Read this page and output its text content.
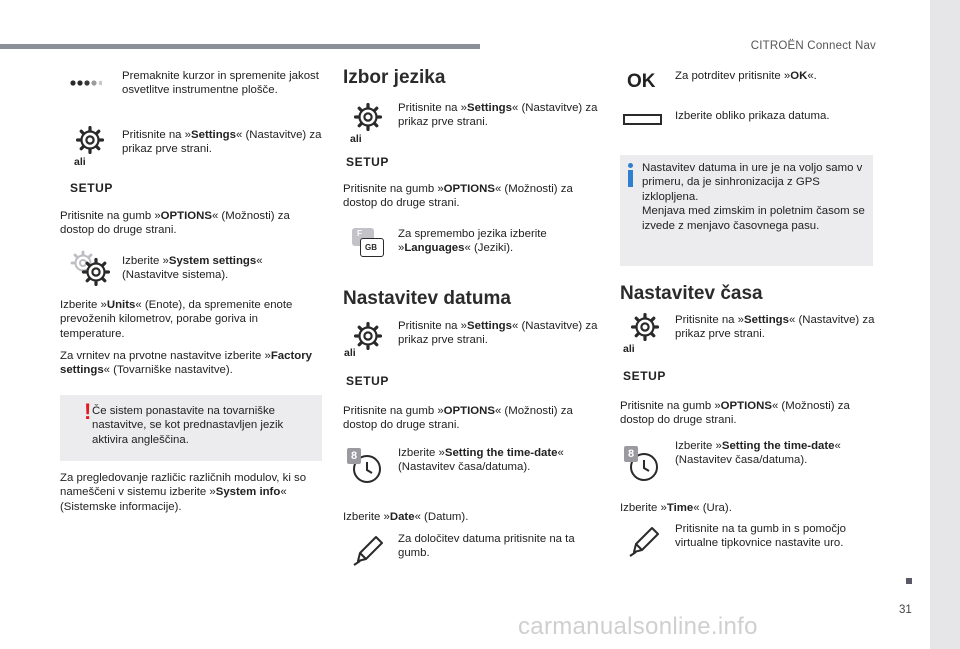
CITROËN Connect Nav
31
carmanualsonline.info
Premaknite kurzor in spremenite jakost osvetlitve instrumentne plošče.
ali
SETUP
Pritisnite na »Settings« (Nastavitve) za prikaz prve strani.
Pritisnite na gumb »OPTIONS« (Možnosti) za dostop do druge strani.
Izberite »System settings« (Nastavitve sistema).
Izberite »Units« (Enote), da spremenite enote prevoženih kilometrov, porabe goriva in temperature.
Za vrnitev na prvotne nastavitve izberite »Factory settings« (Tovarniške nastavitve).
! Če sistem ponastavite na tovarniške nastavitve, se kot prednastavljen jezik aktivira angleščina.
Za pregledovanje različic različnih modulov, ki so nameščeni v sistemu izberite »System info« (Sistemske informacije).
Izbor jezika
ali
SETUP
Pritisnite na »Settings« (Nastavitve) za prikaz prve strani.
Pritisnite na gumb »OPTIONS« (Možnosti) za dostop do druge strani.
F
GB
Za spremembo jezika izberite »Languages« (Jeziki).
Nastavitev datuma
ali
SETUP
Pritisnite na »Settings« (Nastavitve) za prikaz prve strani.
Pritisnite na gumb »OPTIONS« (Možnosti) za dostop do druge strani.
8	Izberite »Setting the time-date« (Nastavitev časa/datuma).
Izberite »Date« (Datum).
Za določitev datuma pritisnite na ta gumb.
OK Za potrditev pritisnite »OK«.
Izberite obliko prikaza datuma.
Nastavitev datuma in ure je na voljo samo v primeru, da je sinhronizacija z GPS izklopljena.
Menjava med zimskim in poletnim časom se izvede z menjavo časovnega pasu.
Nastavitev časa
ali
SETUP
Pritisnite na »Settings« (Nastavitve) za prikaz prve strani.
Pritisnite na gumb »OPTIONS« (Možnosti) za dostop do druge strani.
8
Izberite »Setting the time-date« (Nastavitev časa/datuma).
Izberite »Time« (Ura).
Pritisnite na ta gumb in s pomočjo virtualne tipkovnice nastavite uro.
